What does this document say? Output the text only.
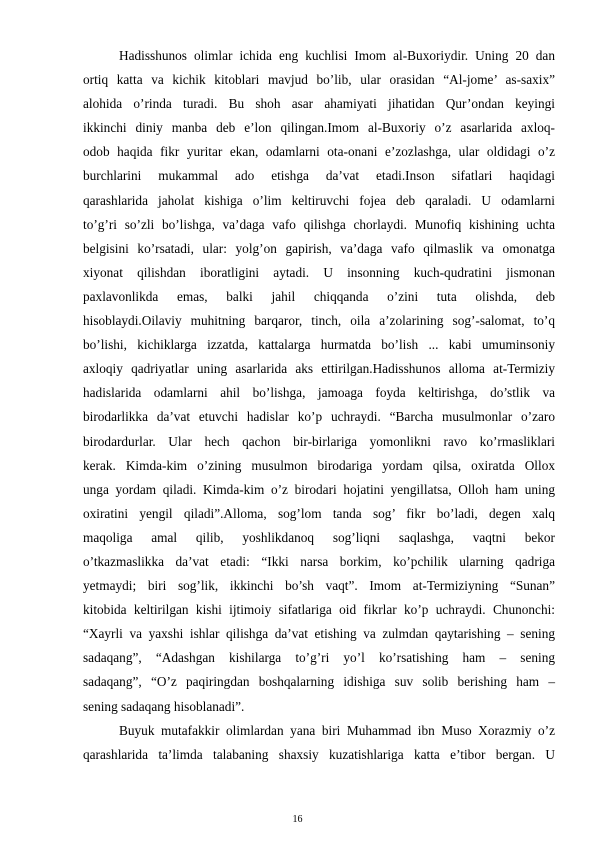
Hadisshunos olimlar ichida eng kuchlisi Imom al-Buxoriydir. Uning 20 dan
ortiq katta va kichik kitoblari mavjud bo’lib, ular orasidan “Al-jome’ as-saxix”
alohida o’rinda turadi. Bu shoh asar ahamiyati jihatidan Qur’ondan keyingi
ikkinchi diniy manba deb e’lon qilingan.Imom al-Buxoriy o’z asarlarida axloq-
odob haqida fikr yuritar ekan, odamlarni ota-onani e’zozlashga, ular oldidagi o’z
burchlarini mukammal ado etishga da’vat etadi.Inson sifatlari haqidagi
qarashlarida jaholat kishiga o’lim keltiruvchi fojea deb qaraladi. U odamlarni
to’g’ri so’zli bo’lishga, va’daga vafo qilishga chorlaydi. Munofiq kishining uchta
belgisini ko’rsatadi, ular: yolg’on gapirish, va’daga vafo qilmaslik va omonatga
xiyonat qilishdan iboratligini aytadi. U insonning kuch-qudratini jismonan
paxlavonlikda emas, balki jahil chiqqanda o’zini tuta olishda, deb
hisoblaydi.Oilaviy muhitning barqaror, tinch, oila a’zolarining sog’-salomat, to’q
bo’lishi, kichiklarga izzatda, kattalarga hurmatda bo’lish ... kabi umuminsoniy
axloqiy qadriyatlar uning asarlarida aks ettirilgan.Hadisshunos alloma at-Termiziy
hadislarida odamlarni ahil bo’lishga, jamoaga foyda keltirishga, do’stlik va
birodarlikka da’vat etuvchi hadislar ko’p uchraydi. “Barcha musulmonlar o’zaro
birodardurlar. Ular hech qachon bir-birlariga yomonlikni ravo ko’rmasliklari
kerak. Kimda-kim o’zining musulmon birodariga yordam qilsa, oxiratda Ollox
unga yordam qiladi. Kimda-kim o’z birodari hojatini yengillatsa, Olloh ham uning
oxiratini yengil qiladi”.Alloma, sog’lom tanda sog’ fikr bo’ladi, degen xalq
maqoliga amal qilib, yoshlikdanoq sog’liqni saqlashga, vaqtni bekor
o’tkazmaslikka da’vat etadi: “Ikki narsa borkim, ko’pchilik ularning qadriga
yetmaydi; biri sog’lik, ikkinchi bo’sh vaqt”. Imom at-Termiziyning “Sunan”
kitobida keltirilgan kishi ijtimoiy sifatlariga oid fikrlar ko’p uchraydi. Chunonchi:
“Xayrli va yaxshi ishlar qilishga da’vat etishing va zulmdan qaytarishing – sening
sadaqang”, “Adashgan kishilarga to’g’ri yo’l ko’rsatishing ham – sening
sadaqang”, “O’z paqiringdan boshqalarning idishiga suv solib berishing ham –
sening sadaqang hisoblanadi”.
Buyuk mutafakkir olimlardan yana biri Muhammad ibn Muso Xorazmiy o’z
qarashlarida ta’limda talabaning shaxsiy kuzatishlariga katta e’tibor bergan. U
16
